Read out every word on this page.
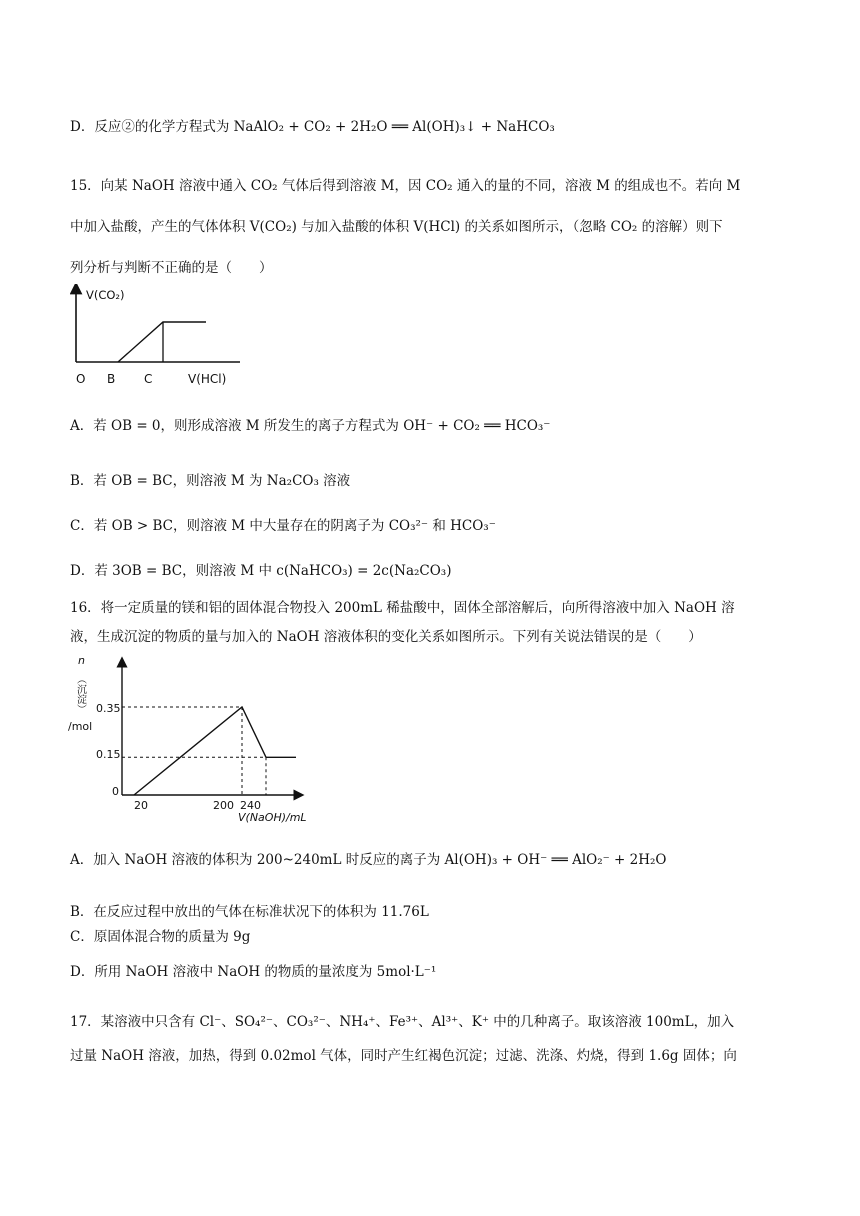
D．反应②的化学方程式为 NaAlO₂ + CO₂ + 2H₂O ══ Al(OH)₃↓ + NaHCO₃
15．向某 NaOH 溶液中通入 CO₂ 气体后得到溶液 M，因 CO₂ 通入的量的不同，溶液 M 的组成也不。若向 M
中加入盐酸，产生的气体体积 V(CO₂) 与加入盐酸的体积 V(HCl) 的关系如图所示，（忽略 CO₂ 的溶解）则下
列分析与判断不正确的是（　　）
V(CO₂)
O B C	V(HCl)
A．若 OB = 0，则形成溶液 M 所发生的离子方程式为 OH⁻ + CO₂ ══ HCO₃⁻
B．若 OB = BC，则溶液 M 为 Na₂CO₃ 溶液
C．若 OB > BC，则溶液 M 中大量存在的阴离子为 CO₃²⁻ 和 HCO₃⁻
D．若 3OB = BC，则溶液 M 中 c(NaHCO₃) = 2c(Na₂CO₃)
16．将一定质量的镁和铝的固体混合物投入 200mL 稀盐酸中，固体全部溶解后，向所得溶液中加入 NaOH 溶
液，生成沉淀的物质的量与加入的 NaOH 溶液体积的变化关系如图所示。下列有关说法错误的是（　　）
n
（沉淀）
/mol
0
0.35
0.15
20	200 240
V(NaOH)/mL
A．加入 NaOH 溶液的体积为 200~240mL 时反应的离子为 Al(OH)₃ + OH⁻ ══ AlO₂⁻ + 2H₂O
B．在反应过程中放出的气体在标准状况下的体积为 11.76L
C．原固体混合物的质量为 9g
D．所用 NaOH 溶液中 NaOH 的物质的量浓度为 5mol·L⁻¹
17．某溶液中只含有 Cl⁻、SO₄²⁻、CO₃²⁻、NH₄⁺、Fe³⁺、Al³⁺、K⁺ 中的几种离子。取该溶液 100mL，加入
过量 NaOH 溶液，加热，得到 0.02mol 气体，同时产生红褐色沉淀；过滤、洗涤、灼烧，得到 1.6g 固体；向
